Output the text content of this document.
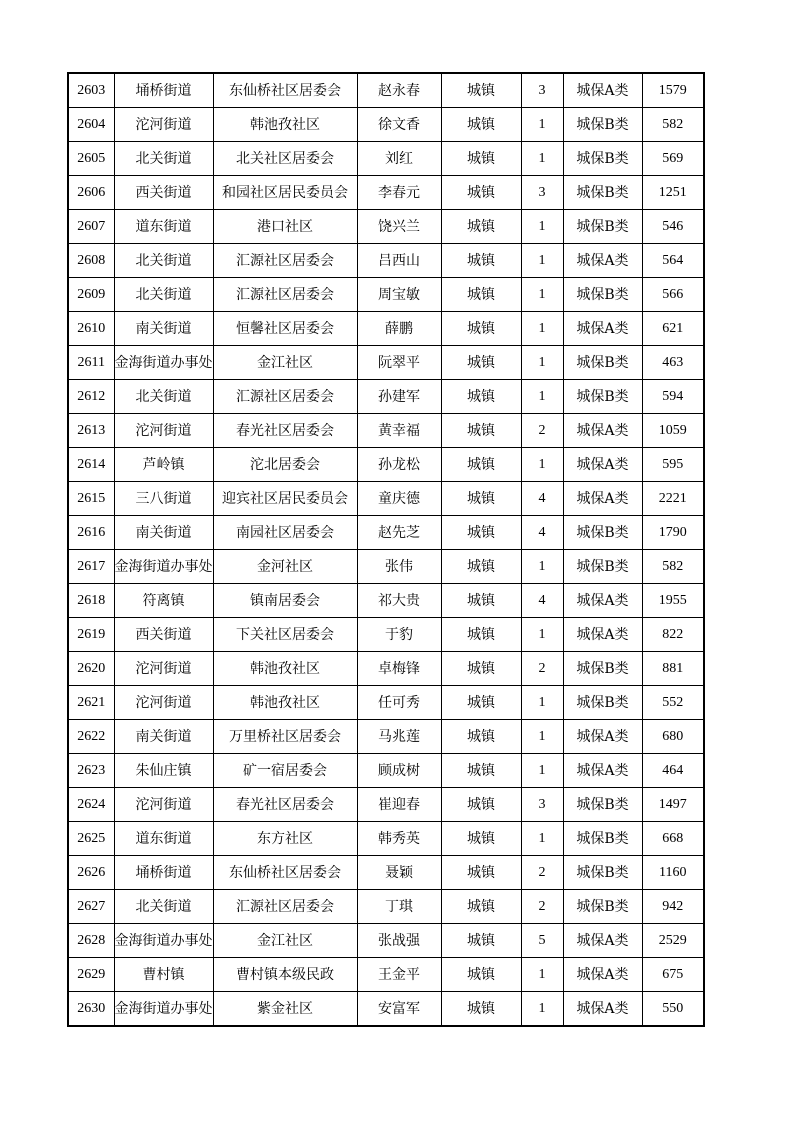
2603	埇桥街道	东仙桥社区居委会	赵永春	城镇	3	城保A类	1579
2604	沱河街道	韩池孜社区	徐文香	城镇	1	城保B类	582
2605	北关街道	北关社区居委会	刘红	城镇	1	城保B类	569
2606	西关街道	和园社区居民委员会	李春元	城镇	3	城保B类	1251
2607	道东街道	港口社区	饶兴兰	城镇	1	城保B类	546
2608	北关街道	汇源社区居委会	吕西山	城镇	1	城保A类	564
2609	北关街道	汇源社区居委会	周宝敏	城镇	1	城保B类	566
2610	南关街道	恒馨社区居委会	薛鹏	城镇	1	城保A类	621
2611	金海街道办事处	金江社区	阮翠平	城镇	1	城保B类	463
2612	北关街道	汇源社区居委会	孙建军	城镇	1	城保B类	594
2613	沱河街道	春光社区居委会	黄幸福	城镇	2	城保A类	1059
2614	芦岭镇	沱北居委会	孙龙松	城镇	1	城保A类	595
2615	三八街道	迎宾社区居民委员会	童庆德	城镇	4	城保A类	2221
2616	南关街道	南园社区居委会	赵先芝	城镇	4	城保B类	1790
2617	金海街道办事处	金河社区	张伟	城镇	1	城保B类	582
2618	符离镇	镇南居委会	祁大贵	城镇	4	城保A类	1955
2619	西关街道	下关社区居委会	于豹	城镇	1	城保A类	822
2620	沱河街道	韩池孜社区	卓梅锋	城镇	2	城保B类	881
2621	沱河街道	韩池孜社区	任可秀	城镇	1	城保B类	552
2622	南关街道	万里桥社区居委会	马兆莲	城镇	1	城保A类	680
2623	朱仙庄镇	矿一宿居委会	顾成树	城镇	1	城保A类	464
2624	沱河街道	春光社区居委会	崔迎春	城镇	3	城保B类	1497
2625	道东街道	东方社区	韩秀英	城镇	1	城保B类	668
2626	埇桥街道	东仙桥社区居委会	聂颖	城镇	2	城保B类	1160
2627	北关街道	汇源社区居委会	丁琪	城镇	2	城保B类	942
2628	金海街道办事处	金江社区	张战强	城镇	5	城保A类	2529
2629	曹村镇	曹村镇本级民政	王金平	城镇	1	城保A类	675
2630	金海街道办事处	紫金社区	安富军	城镇	1	城保A类	550
